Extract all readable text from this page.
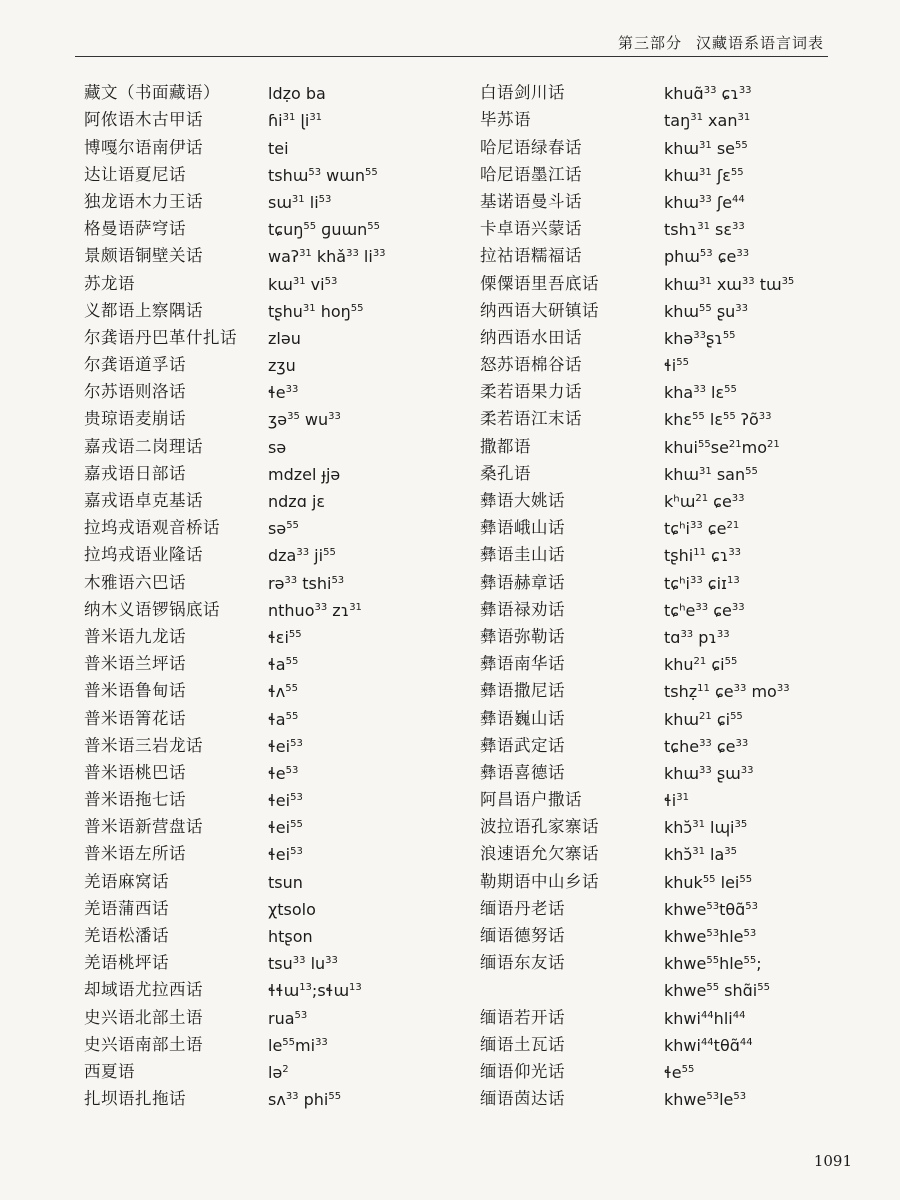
第三部分 汉藏语系语言词表
藏文（书面藏语）	ldẓo ba
阿侬语木古甲话	ɦi$^{31}$ ɭi$^{31}$
博嘎尔语南伊话	tei
达让语夏尼话	tshɯ$^{53}$ wɯn$^{55}$
独龙语木力王话	sɯ$^{31}$ $li^{53}$
格曼语萨穹话	tɕuŋ$^{55}$ ɡuɯn$^{55}$
景颇语铜壁关话	waʔ$^{31}$ khǎ$^{33}$ $li^{33}$
苏龙语	kɯ$^{31}$ $vi^{53}$
义都语上察隅话	tʂhu$^{31}$ hoŋ$^{55}$
尔龚语丹巴革什扎话 zləu
尔龚语道孚话	zʒu
尔苏语则洛话	ɬe$^{33}$
贵琼语麦崩话	ʒə$^{35}$ $wu^{33}$
嘉戎语二岗理话	sə
嘉戎语日部话	mdzel ɟjə
嘉戎语卓克基话	ndzɑ jɛ
拉坞戎语观音桥话	sə$^{55}$
拉坞戎语业隆话	dza$^{33}$ $ji^{55}$
木雅语六巴话	rə$^{33}$ tshi$^{53}$
纳木义语锣锅底话	nthuo$^{33}$ zɿ$^{31}$
普米语九龙话	ɬɛi$^{55}$
普米语兰坪话	ɬa$^{55}$
普米语鲁甸话	ɬʌ$^{55}$
普米语箐花话	ɬa$^{55}$
普米语三岩龙话	ɬei$^{53}$
普米语桃巴话	ɬe$^{53}$
普米语拖七话	ɬei$^{53}$
普米语新营盘话	ɬei$^{55}$
普米语左所话	ɬei$^{53}$
羌语麻窝话	tsun
羌语蒲西话	χtsolo
羌语松潘话	htʂon
羌语桃坪话	tsu$^{33}$ $lu^{33}$
却域语尤拉西话	ɬɬɯ$^{13}$;sɬɯ$^{13}$
史兴语北部土语	rua$^{53}$
史兴语南部土语	$le^{55}mi^{33}$
西夏语	lə$^2$
扎坝语扎拖话	sʌ$^{33}$ phi$^{55}$
白语剑川话	khuɑ̃$^{33}$ ɕɿ$^{33}$
毕苏语	taŋ$^{31}$ xan$^{31}$
哈尼语绿春话	khɯ$^{31}$ $se^{55}$
哈尼语墨江话	khɯ$^{31}$ ʃɛ$^{55}$
基诺语曼斗话	khɯ$^{33}$ ʃe$^{44}$
卡卓语兴蒙话	tshɿ$^{31}$ sɛ$^{33}$
拉祜语糯福话	phɯ$^{53}$ ɕe$^{33}$
傈僳语里吾底话	khɯ$^{31}$ xɯ$^{33}$ tɯ$^{35}$
纳西语大研镇话	khɯ$^{55}$ ʂu$^{33}$
纳西语水田话	khə$^{33}$ʂɿ$^{55}$
怒苏语棉谷话	ɬi$^{55}$
柔若语果力话	kha$^{33}$ lɛ$^{55}$
柔若语江末话	khɛ$^{55}$ lɛ$^{55}$ ʔõ$^{33}$
撒都语	$khui^{55}se^{21}mo^{21}$
桑孔语	khɯ$^{31}$ san$^{55}$
彝语大姚话	kʰɯ$^{21}$ ɕe$^{33}$
彝语峨山话	tɕʰi$^{33}$ ɕe$^{21}$
彝语圭山话	tʂhi$^{11}$ ɕɿ$^{33}$
彝语赫章话	tɕʰi$^{33}$ ɕiɪ$^{13}$
彝语禄劝话	tɕʰe$^{33}$ ɕe$^{33}$
彝语弥勒话	tɑ$^{33}$ pɿ$^{33}$
彝语南华话	khu$^{21}$ ɕi$^{55}$
彝语撒尼话	tshẓ$^{11}$ ɕe$^{33}$ $mo^{33}$
彝语巍山话	khɯ$^{21}$ ɕi$^{55}$
彝语武定话	tɕhe$^{33}$ ɕe$^{33}$
彝语喜德话	khɯ$^{33}$ ʂɯ$^{33}$
阿昌语户撒话	ɬi$^{31}$
波拉语孔家寨话	khɔ̆$^{31}$ lɰi$^{35}$
浪速语允欠寨话	khɔ̆$^{31}$ $la^{35}$
勒期语中山乡话	khuk$^{55}$ lei$^{55}$
缅语丹老话	khwe$^{53}$tθɑ̃$^{53}$
缅语德努话	khwe$^{53}$hle$^{53}$
缅语东友话	khwe$^{55}$hle$^{55}$;
khwe$^{55}$ $shɑ̃i^{55}$
缅语若开话	khwi$^{44}$hli$^{44}$
缅语土瓦话	khwi$^{44}$tθɑ̃$^{44}$
缅语仰光话	ɬe$^{55}$
缅语茵达话	$khwe^{53}le^{53}$
1091
